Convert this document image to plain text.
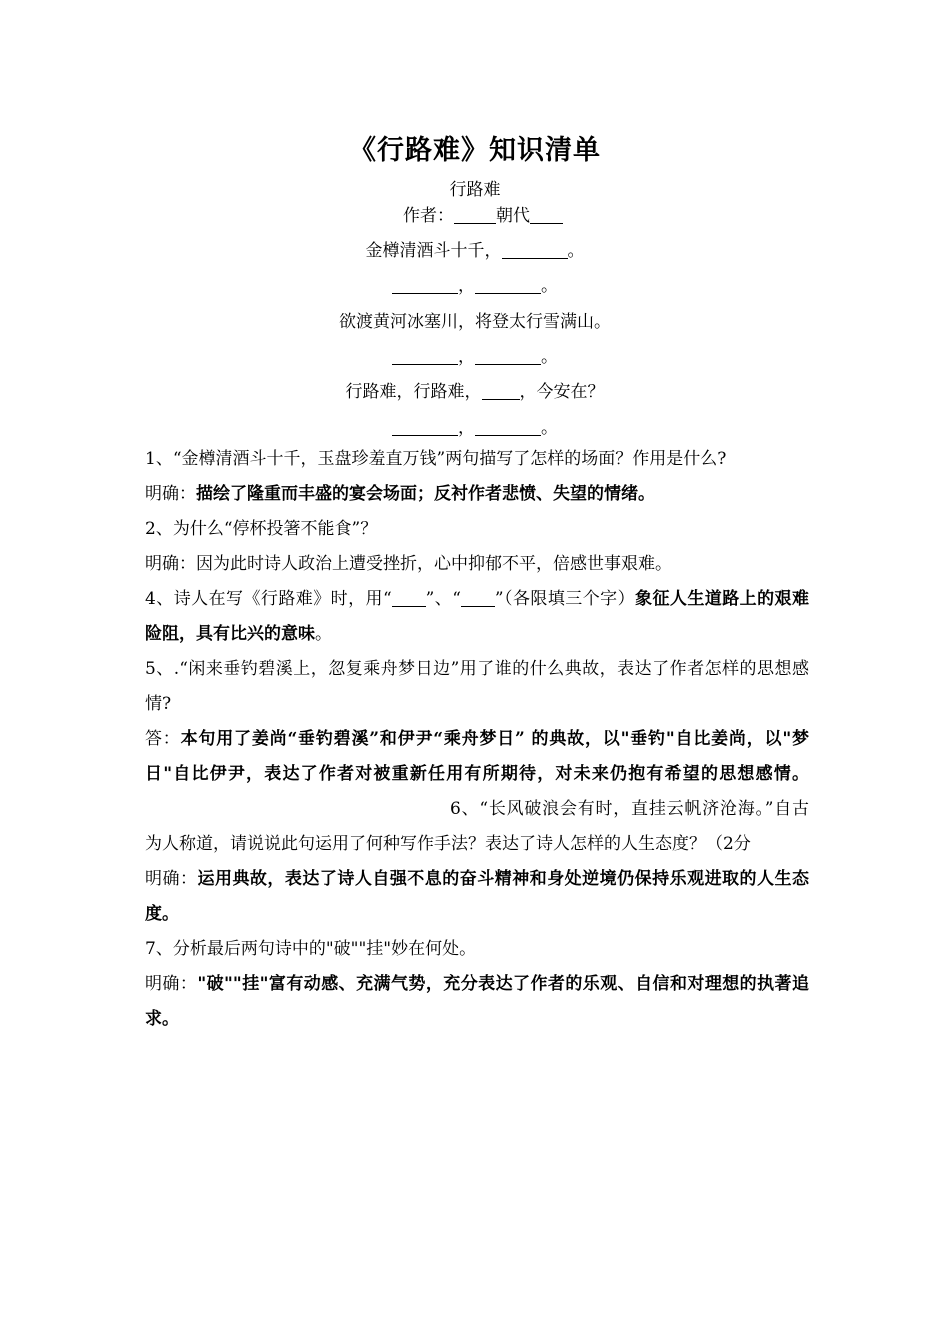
《行路难》知识清单
行路难
作者： 朝代
金樽清酒斗十千，	。
，	。
欲渡黄河冰塞川，将登太行雪满山。
，	。
行路难，行路难， ，今安在？
，	。

1、“金樽清酒斗十千，玉盘珍羞直万钱”两句描写了怎样的场面？作用是什么?

明确：描绘了隆重而丰盛的宴会场面；反衬作者悲愤、失望的情绪。

2、为什么“停杯投箸不能食”？

明确：因为此时诗人政治上遭受挫折，心中抑郁不平，倍感世事艰难。

4、诗人在写《行路难》时，用“ ”、“ ”（各限填三个字）象征人生道路上的艰难险阻，具有比兴的意味。

5、.“闲来垂钓碧溪上，忽复乘舟梦日边”用了谁的什么典故，表达了作者怎样的思想感情?

答：本句用了姜尚“垂钓碧溪”和伊尹“乘舟梦日” 的典故，以"垂钓"自比姜尚，以"梦日"自比伊尹，表达了作者对被重新任用有所期待，对未来仍抱有希望的思想感情。6、“长风破浪会有时，直挂云帆济沧海。”自古为人称道，请说说此句运用了何种写作手法？表达了诗人怎样的人生态度？（2分

明确：运用典故，表达了诗人自强不息的奋斗精神和身处逆境仍保持乐观进取的人生态度。

7、分析最后两句诗中的"破""挂"妙在何处。

明确："破""挂"富有动感、充满气势，充分表达了作者的乐观、自信和对理想的执著追求。
